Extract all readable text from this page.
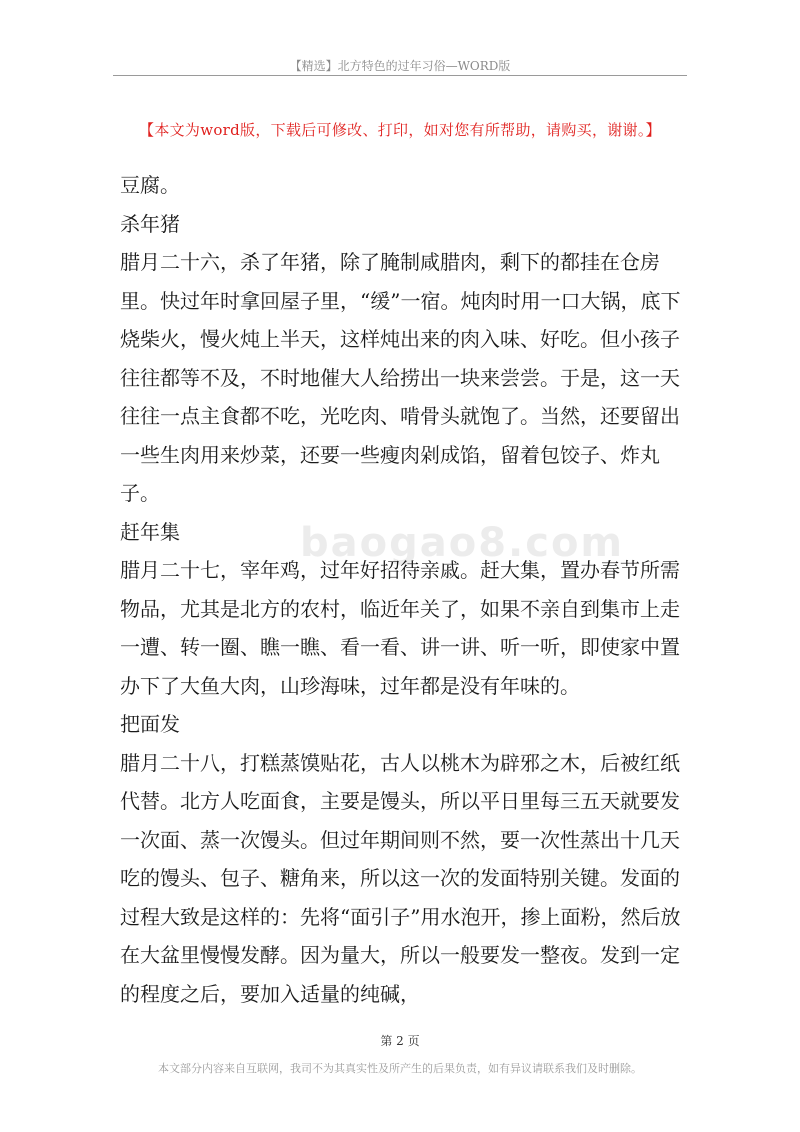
【精选】北方特色的过年习俗—WORD版
【本文为word版，下载后可修改、打印，如对您有所帮助，请购买，谢谢。】
baogao8.com

豆腐。

杀年猪

腊月二十六，杀了年猪，除了腌制咸腊肉，剩下的都挂在仓房里。快过年时拿回屋子里，“缓”一宿。炖肉时用一口大锅，底下烧柴火，慢火炖上半天，这样炖出来的肉入味、好吃。但小孩子往往都等不及，不时地催大人给捞出一块来尝尝。于是，这一天往往一点主食都不吃，光吃肉、啃骨头就饱了。当然，还要留出一些生肉用来炒菜，还要一些瘦肉剁成馅，留着包饺子、炸丸子。

赶年集

腊月二十七，宰年鸡，过年好招待亲戚。赶大集，置办春节所需物品，尤其是北方的农村，临近年关了，如果不亲自到集市上走一遭、转一圈、瞧一瞧、看一看、讲一讲、听一听，即使家中置办下了大鱼大肉，山珍海味，过年都是没有年味的。

把面发

腊月二十八，打糕蒸馍贴花，古人以桃木为辟邪之木，后被红纸代替。北方人吃面食，主要是馒头，所以平日里每三五天就要发一次面、蒸一次馒头。但过年期间则不然，要一次性蒸出十几天吃的馒头、包子、糖角来，所以这一次的发面特别关键。发面的过程大致是这样的：先将“面引子”用水泡开，掺上面粉，然后放在大盆里慢慢发酵。因为量大，所以一般要发一整夜。发到一定的程度之后，要加入适量的纯碱，

第 2 页
本文部分内容来自互联网，我司不为其真实性及所产生的后果负责，如有异议请联系我们及时删除。
